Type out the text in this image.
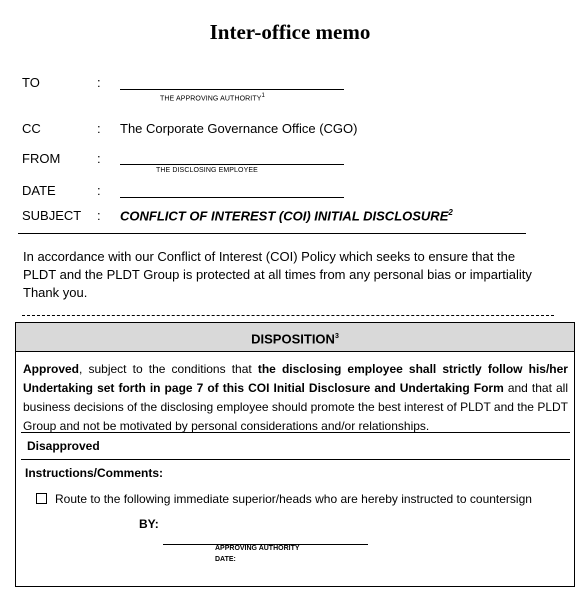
Inter-office memo
TO	:
THE APPROVING AUTHORITY$^1$
CC	: The Corporate Governance Office (CGO)
FROM	:
THE DISCLOSING EMPLOYEE
DATE	:
SUBJECT : CONFLICT OF INTEREST (COI) INITIAL DISCLOSURE$^2$
In accordance with our Conflict of Interest (COI) Policy which seeks to ensure that the
PLDT and the PLDT Group is protected at all times from any personal bias or impartiality
Thank you.
DISPOSITION$^3$
Approved, subject to the conditions that the disclosing employee shall strictly follow his/her Undertaking set forth in page 7 of this COI Initial Disclosure and Undertaking Form and that all business decisions of the disclosing employee should promote the best interest of PLDT and the PLDT Group and not be motivated by personal considerations and/or relationships.
Disapproved
Instructions/Comments:
Route to the following immediate superior/heads who are hereby instructed to countersign
BY:
APPROVING AUTHORITY
DATE:
